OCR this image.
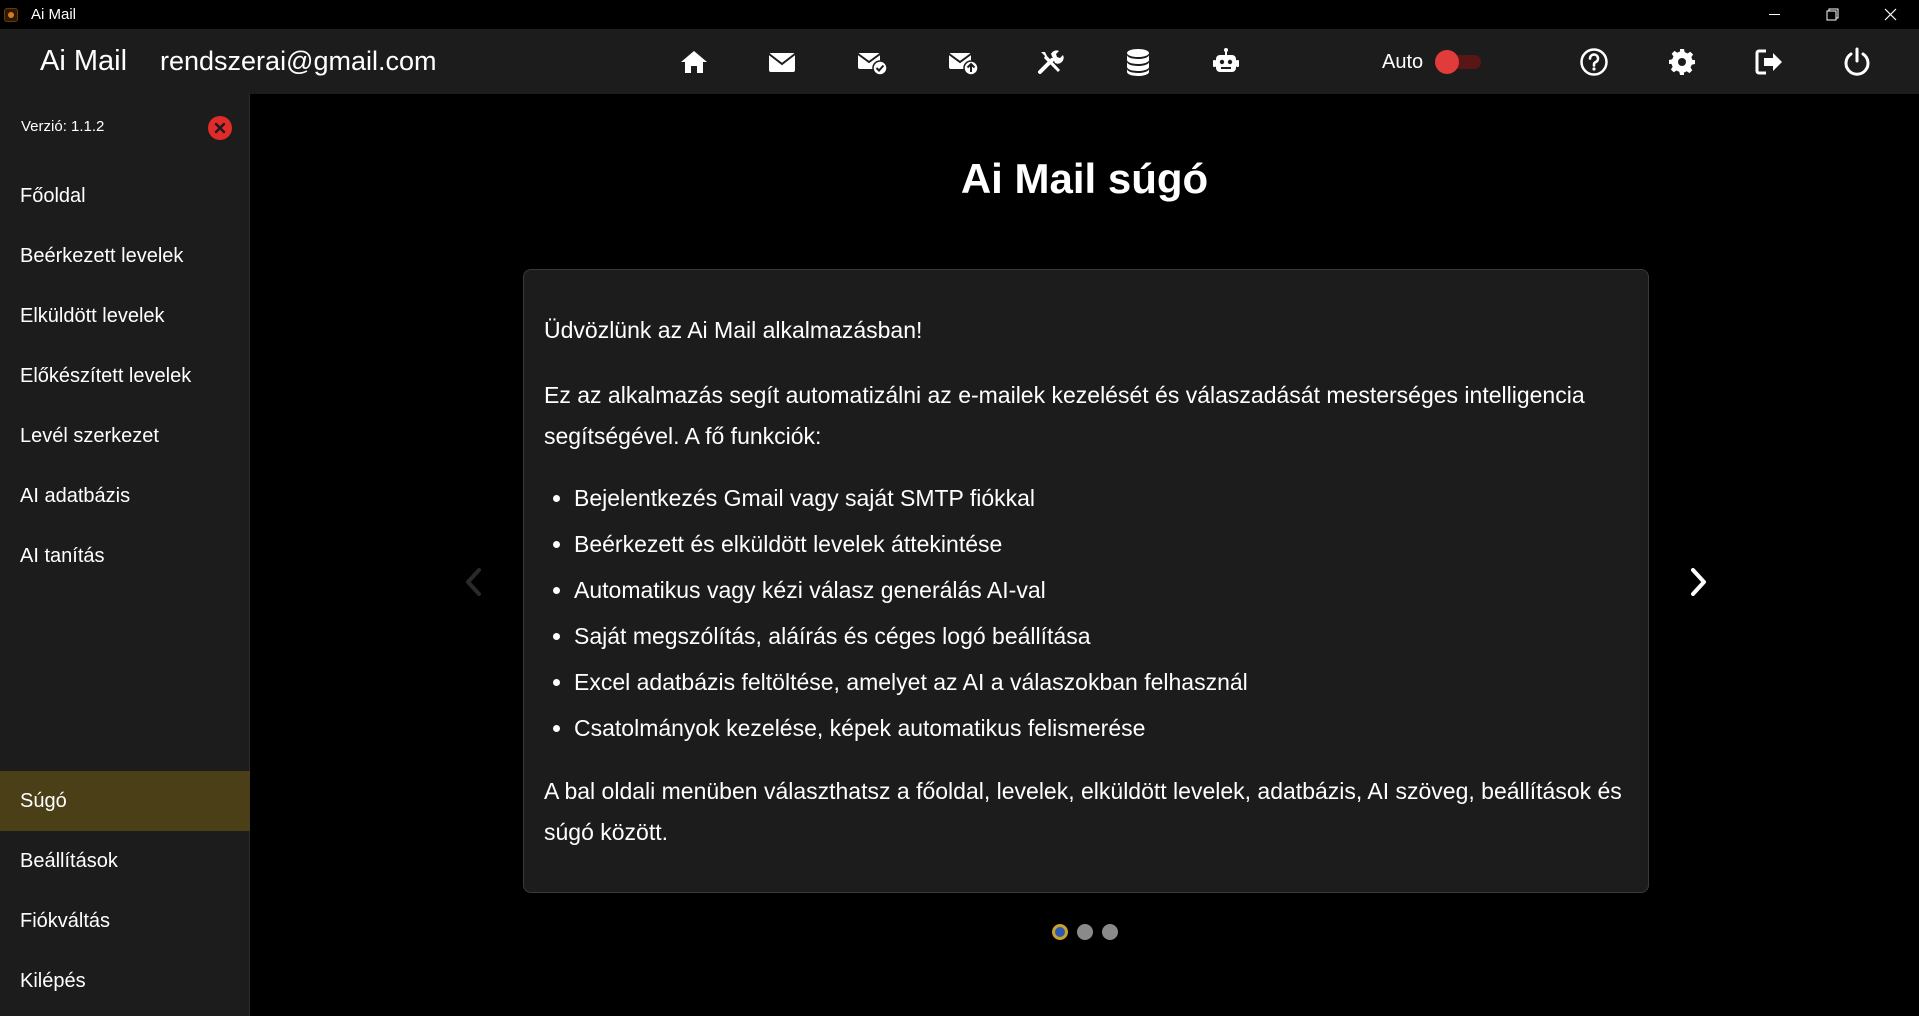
Ai Mail
Ai Mail rendszerai@gmail.com	Auto
Verzió: 1.1.2
Főoldal
Beérkezett levelek
Elküldött levelek
Előkészített levelek
Levél szerkezet
AI adatbázis
AI tanítás
Súgó
Beállítások
Fiókváltás
Kilépés
Ai Mail súgó

Üdvözlünk az Ai Mail alkalmazásban!

Ez az alkalmazás segít automatizálni az e-mailek kezelését és válaszadását mesterséges intelligencia segítségével. A fő funkciók:

• Bejelentkezés Gmail vagy saját SMTP fiókkal
• Beérkezett és elküldött levelek áttekintése
• Automatikus vagy kézi válasz generálás AI-val
• Saját megszólítás, aláírás és céges logó beállítása
• Excel adatbázis feltöltése, amelyet az AI a válaszokban felhasznál
• Csatolmányok kezelése, képek automatikus felismerése

A bal oldali menüben választhatsz a főoldal, levelek, elküldött levelek, adatbázis, AI szöveg, beállítások és súgó között.
